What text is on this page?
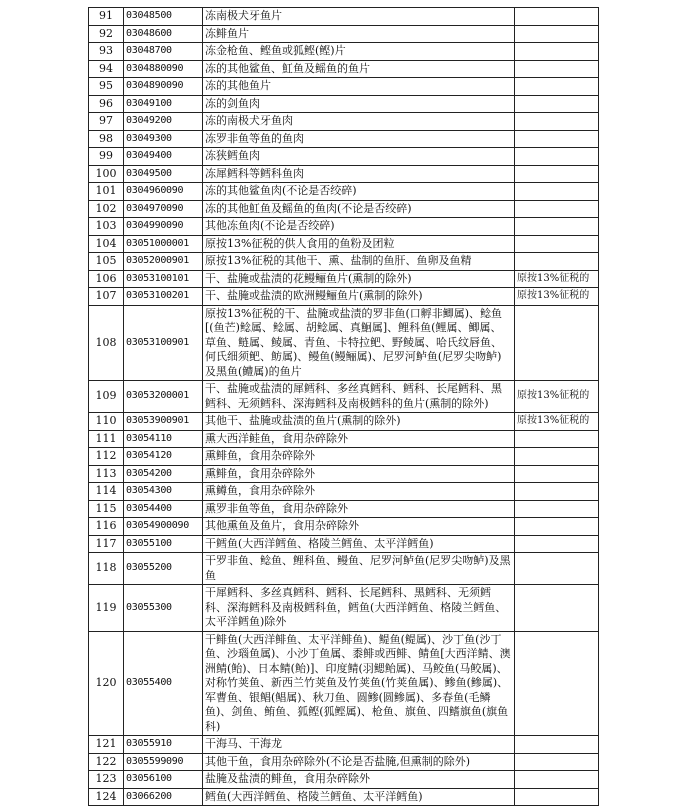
91	03048500	冻南极犬牙鱼片	
92	03048600	冻鲱鱼片	
93	03048700	冻金枪鱼、鲣鱼或狐鲣(鲣)片	
94	0304880090	冻的其他鲨鱼、魟鱼及鳐鱼的鱼片	
95	0304890090	冻的其他鱼片	
96	03049100	冻的剑鱼肉	
97	03049200	冻的南极犬牙鱼肉	
98	03049300	冻罗非鱼等鱼的鱼肉	
99	03049400	冻狭鳕鱼肉	
100	03049500	冻犀鳕科等鳕科鱼肉	
101	0304960090	冻的其他鲨鱼肉(不论是否绞碎)	
102	0304970090	冻的其他魟鱼及鳐鱼的鱼肉(不论是否绞碎)	
103	0304990090	其他冻鱼肉(不论是否绞碎)	
104	03051000001	原按13%征税的供人食用的鱼粉及团粒	
105	03052000901	原按13%征税的其他干、熏、盐制的鱼肝、鱼卵及鱼精	
106	03053100101	干、盐腌或盐渍的花鳗鲡鱼片(熏制的除外)	原按13%征税的
107	03053100201	干、盐腌或盐渍的欧洲鳗鲡鱼片(熏制的除外)	原按13%征税的
108	03053100901	原按13%征税的干、盐腌或盐渍的罗非鱼(口孵非鲫属)、鲶鱼[(鱼芒)鲶属、鲶属、胡鲶属、真鮰属]、鲤科鱼(鲤属、鲫属、草鱼、鲢属、鲮属、青鱼、卡特拉鲃、野鲮属、哈氏纹唇鱼、何氏细须鲃、鲂属)、鳗鱼(鳗鲡属)、尼罗河鲈鱼(尼罗尖吻鲈)及黑鱼(鳢属)的鱼片	
109	03053200001	干、盐腌或盐渍的犀鳕科、多丝真鳕科、鳕科、长尾鳕科、黑鳕科、无须鳕科、深海鳕科及南极鳕科的鱼片(熏制的除外)	原按13%征税的
110	03053900901	其他干、盐腌或盐渍的鱼片(熏制的除外)	原按13%征税的
111	03054110	熏大西洋鲑鱼，食用杂碎除外	
112	03054120	熏鲱鱼，食用杂碎除外	
113	03054200	熏鲱鱼，食用杂碎除外	
114	03054300	熏鳟鱼，食用杂碎除外	
115	03054400	熏罗非鱼等鱼，食用杂碎除外	
116	03054900090	其他熏鱼及鱼片，食用杂碎除外	
117	03055100	干鳕鱼(大西洋鳕鱼、格陵兰鳕鱼、太平洋鳕鱼)	
118	03055200	干罗非鱼、鲶鱼、鲤科鱼、鳗鱼、尼罗河鲈鱼(尼罗尖吻鲈)及黑鱼	
119	03055300	干犀鳕科、多丝真鳕科、鳕科、长尾鳕科、黑鳕科、无须鳕科、深海鳕科及南极鳕科鱼，鳕鱼(大西洋鳕鱼、格陵兰鳕鱼、太平洋鳕鱼)除外	
120	03055400	干鲱鱼(大西洋鲱鱼、太平洋鲱鱼)、鳀鱼(鳀属)、沙丁鱼(沙丁鱼、沙瑙鱼属)、小沙丁鱼属、黍鲱或西鲱、鲭鱼[大西洋鲭、澳洲鲭(鲐)、日本鲭(鲐)]、印度鲭(羽鳃鲐属)、马鲛鱼(马鲛属)、对称竹荚鱼、新西兰竹荚鱼及竹荚鱼(竹荚鱼属)、鲹鱼(鲹属)、军曹鱼、银鲳(鲳属)、秋刀鱼、圆鲹(圆鲹属)、多春鱼(毛鳞鱼)、剑鱼、鲔鱼、狐鲣(狐鲣属)、枪鱼、旗鱼、四鳍旗鱼(旗鱼科)	
121	03055910	干海马、干海龙	
122	0305599090	其他干鱼，食用杂碎除外(不论是否盐腌,但熏制的除外)	
123	03056100	盐腌及盐渍的鲱鱼，食用杂碎除外	
124	03066200	鳕鱼(大西洋鳕鱼、格陵兰鳕鱼、太平洋鳕鱼)	
